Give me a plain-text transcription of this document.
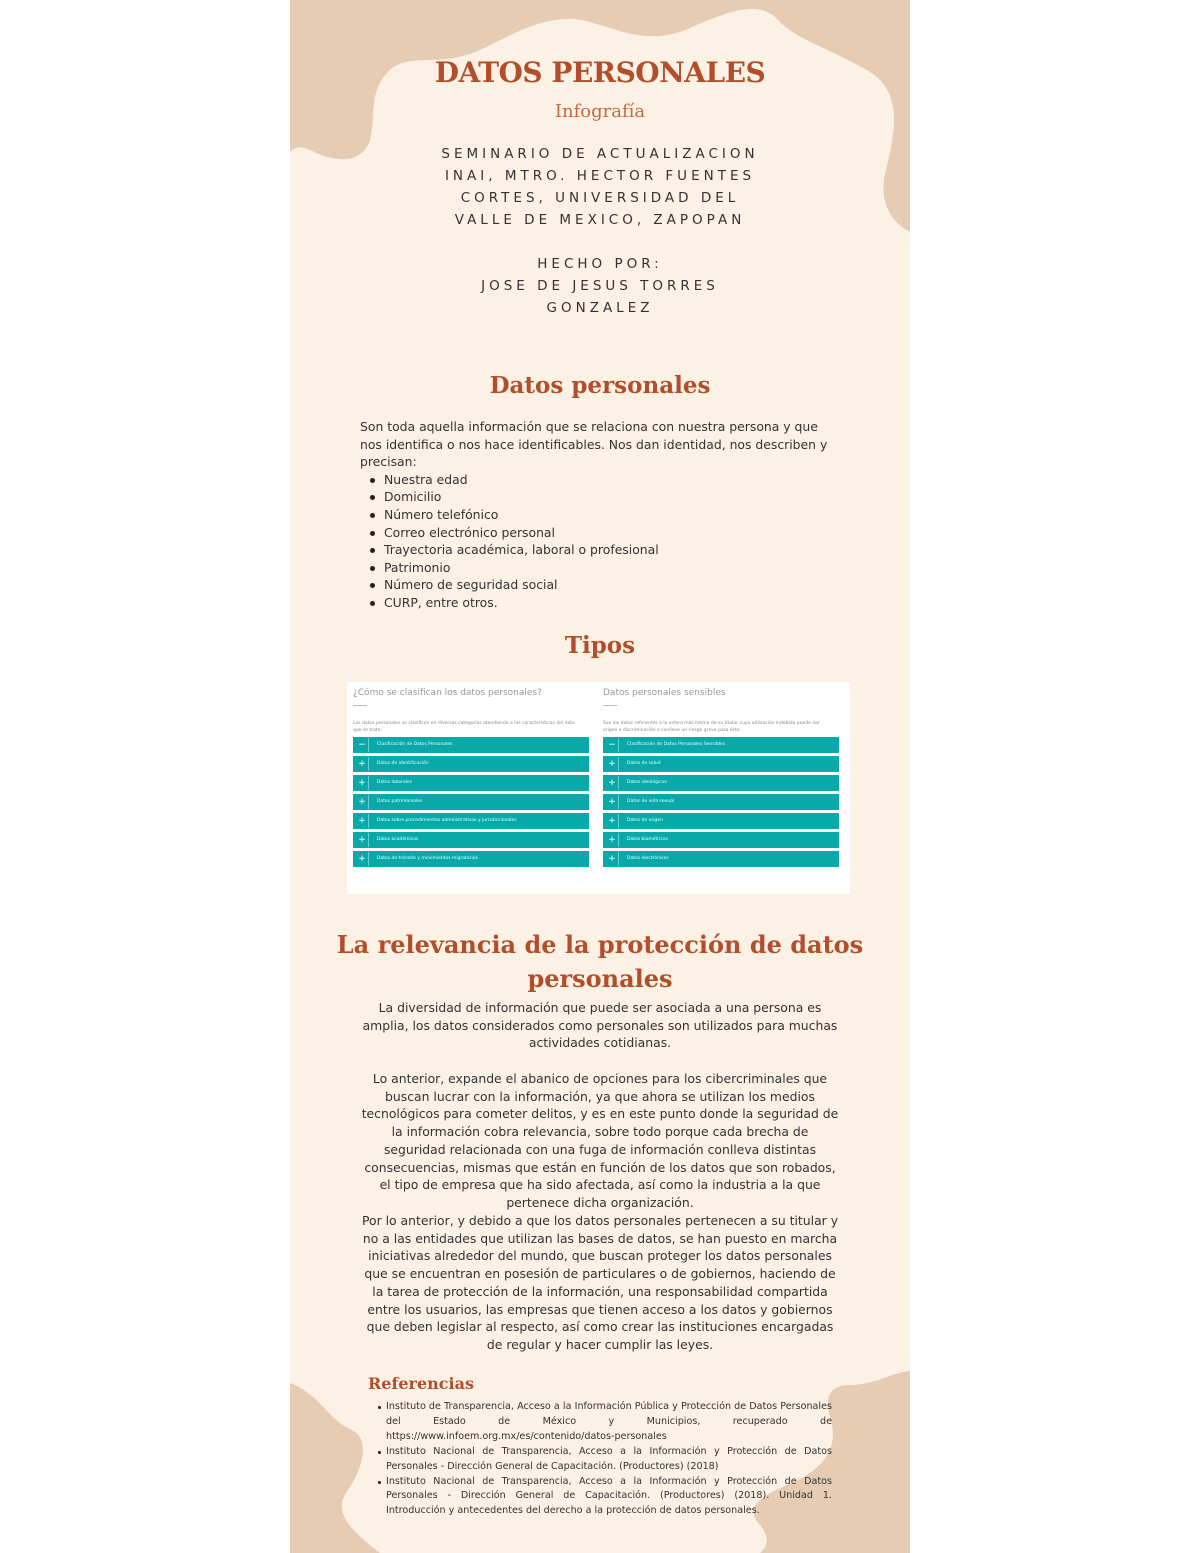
DATOS PERSONALES
Infografía
SEMINARIO DE ACTUALIZACION
INAI, MTRO. HECTOR FUENTES
CORTES, UNIVERSIDAD DEL
VALLE DE MEXICO, ZAPOPAN
HECHO POR:
JOSE DE JESUS TORRES
GONZALEZ
Datos personales
Son toda aquella información que se relaciona con nuestra persona y que nos identifica o nos hace identificables. Nos dan identidad, nos describen y precisan:
Nuestra edad
Domicilio
Número telefónico
Correo electrónico personal
Trayectoria académica, laboral o profesional
Patrimonio
Número de seguridad social
CURP, entre otros.
Tipos
¿Cómo se clasifican los datos personales?
Los datos personales se clasifican en diversas categorías atendiendo a las características del dato que se trate:
−	Clasificación de Datos Personales
+	Datos de identificación
+	Datos laborales
+	Datos patrimoniales
+	Datos sobre procedimientos administrativos y jurisdiccionales
+	Datos académicos
+	Datos de tránsito y movimientos migratorios
Datos personales sensibles
Son los datos referentes a la esfera más íntima de su titular cuya utilización indebida puede dar origen a discriminación o conlleve un riesgo grave para éste.
−	Clasificación de Datos Personales Sensibles
+	Datos de salud
+	Datos ideológicos
+	Datos de vida sexual
+	Datos de origen
+	Datos biométricos
+	Datos electrónicos
La relevancia de la protección de datos
personales
La diversidad de información que puede ser asociada a una persona es
amplia, los datos considerados como personales son utilizados para muchas
actividades cotidianas.
Lo anterior, expande el abanico de opciones para los cibercriminales que
buscan lucrar con la información, ya que ahora se utilizan los medios
tecnológicos para cometer delitos, y es en este punto donde la seguridad de
la información cobra relevancia, sobre todo porque cada brecha de
seguridad relacionada con una fuga de información conlleva distintas
consecuencias, mismas que están en función de los datos que son robados,
el tipo de empresa que ha sido afectada, así como la industria a la que
pertenece dicha organización.
Por lo anterior, y debido a que los datos personales pertenecen a su titular y
no a las entidades que utilizan las bases de datos, se han puesto en marcha
iniciativas alrededor del mundo, que buscan proteger los datos personales
que se encuentran en posesión de particulares o de gobiernos, haciendo de
la tarea de protección de la información, una responsabilidad compartida
entre los usuarios, las empresas que tienen acceso a los datos y gobiernos
que deben legislar al respecto, así como crear las instituciones encargadas
de regular y hacer cumplir las leyes.
Referencias
Instituto de Transparencia, Acceso a la Información Pública y Protección de Datos Personales del Estado de México y Municipios, recuperado de https://www.infoem.org.mx/es/contenido/datos-personales
Instituto Nacional de Transparencia, Acceso a la Información y Protección de Datos Personales - Dirección General de Capacitación. (Productores) (2018)
Instituto Nacional de Transparencia, Acceso a la Información y Protección de Datos Personales - Dirección General de Capacitación. (Productores) (2018). Unidad 1. Introducción y antecedentes del derecho a la protección de datos personales.
